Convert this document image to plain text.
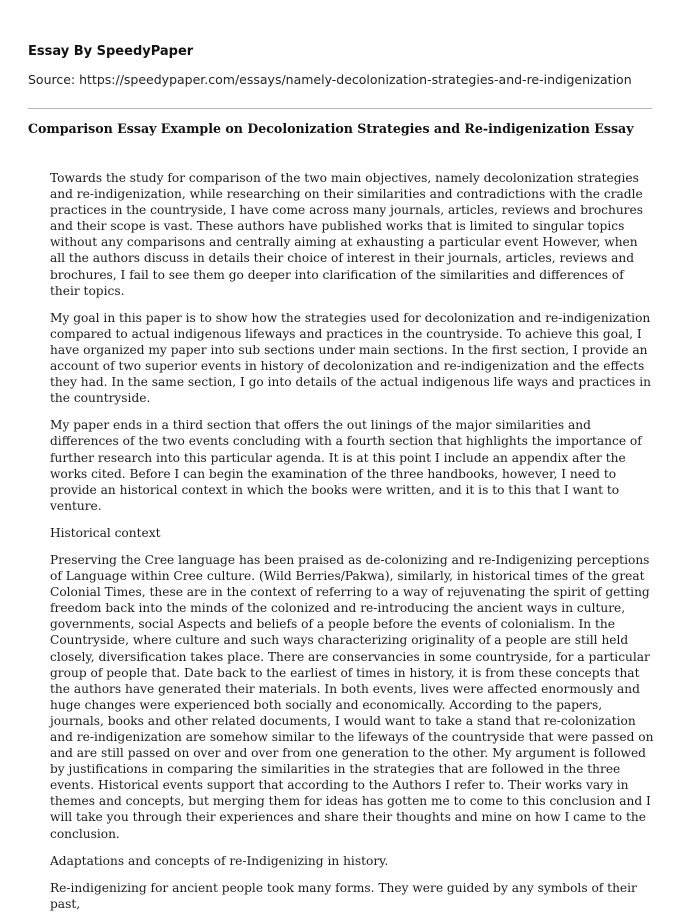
Essay By SpeedyPaper
Source: https://speedypaper.com/essays/namely-decolonization-strategies-and-re-indigenization
Comparison Essay Example on Decolonization Strategies and Re-indigenization Essay

Towards the study for comparison of the two main objectives, namely decolonization strategies and re-indigenization, while researching on their similarities and contradictions with the cradle practices in the countryside, I have come across many journals, articles, reviews and brochures and their scope is vast. These authors have published works that is limited to singular topics without any comparisons and centrally aiming at exhausting a particular event However, when all the authors discuss in details their choice of interest in their journals, articles, reviews and brochures, I fail to see them go deeper into clarification of the similarities and differences of their topics.

My goal in this paper is to show how the strategies used for decolonization and re-indigenization compared to actual indigenous lifeways and practices in the countryside. To achieve this goal, I have organized my paper into sub sections under main sections. In the first section, I provide an account of two superior events in history of decolonization and re-indigenization and the effects they had. In the same section, I go into details of the actual indigenous life ways and practices in the countryside.

My paper ends in a third section that offers the out linings of the major similarities and differences of the two events concluding with a fourth section that highlights the importance of further research into this particular agenda. It is at this point I include an appendix after the works cited. Before I can begin the examination of the three handbooks, however, I need to provide an historical context in which the books were written, and it is to this that I want to venture.

Historical context

Preserving the Cree language has been praised as de-colonizing and re-Indigenizing perceptions of Language within Cree culture. (Wild Berries/Pakwa), similarly, in historical times of the great Colonial Times, these are in the context of referring to a way of rejuvenating the spirit of getting freedom back into the minds of the colonized and re-introducing the ancient ways in culture, governments, social Aspects and beliefs of a people before the events of colonialism. In the Countryside, where culture and such ways characterizing originality of a people are still held closely, diversification takes place. There are conservancies in some countryside, for a particular group of people that. Date back to the earliest of times in history, it is from these concepts that the authors have generated their materials. In both events, lives were affected enormously and huge changes were experienced both socially and economically. According to the papers, journals, books and other related documents, I would want to take a stand that re-colonization and re-indigenization are somehow similar to the lifeways of the countryside that were passed on and are still passed on over and over from one generation to the other. My argument is followed by justifications in comparing the similarities in the strategies that are followed in the three events. Historical events support that according to the Authors I refer to. Their works vary in themes and concepts, but merging them for ideas has gotten me to come to this conclusion and I will take you through their experiences and share their thoughts and mine on how I came to the conclusion.

Adaptations and concepts of re-Indigenizing in history.

Re-indigenizing for ancient people took many forms. They were guided by any symbols of their past,
